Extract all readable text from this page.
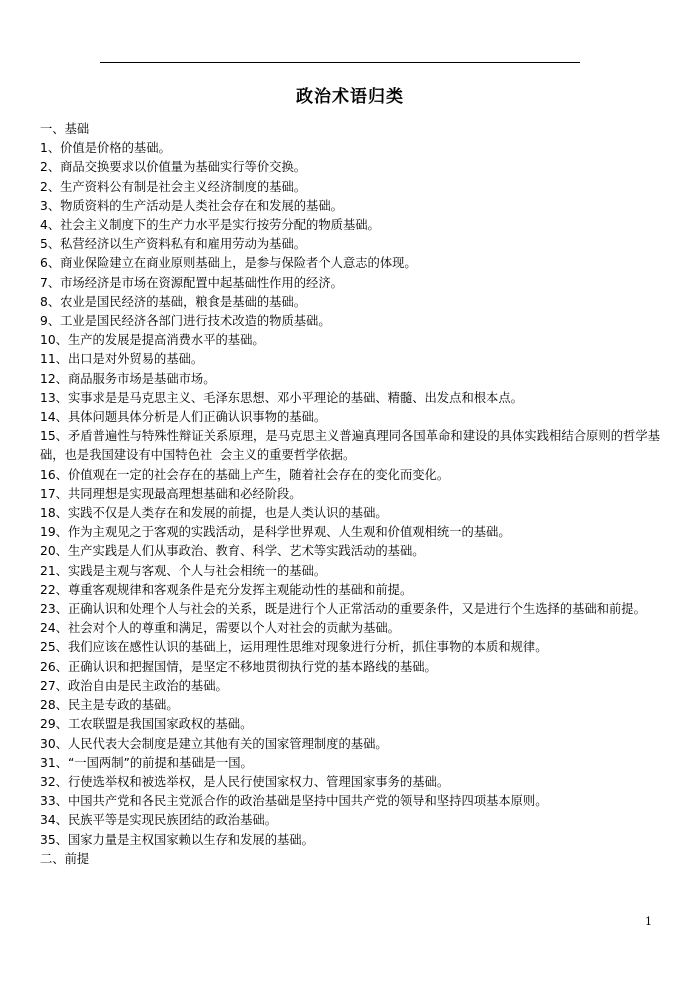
政治术语归类
一、基础
1、价值是价格的基础。
2、商品交换要求以价值量为基础实行等价交换。
2、生产资料公有制是社会主义经济制度的基础。
3、物质资料的生产活动是人类社会存在和发展的基础。
4、社会主义制度下的生产力水平是实行按劳分配的物质基础。
5、私营经济以生产资料私有和雇用劳动为基础。
6、商业保险建立在商业原则基础上，是参与保险者个人意志的体现。
7、市场经济是市场在资源配置中起基础性作用的经济。
8、农业是国民经济的基础，粮食是基础的基础。
9、工业是国民经济各部门进行技术改造的物质基础。
10、生产的发展是提高消费水平的基础。
11、出口是对外贸易的基础。
12、商品服务市场是基础市场。
13、实事求是是马克思主义、毛泽东思想、邓小平理论的基础、精髓、出发点和根本点。
14、具体问题具体分析是人们正确认识事物的基础。
15、矛盾普遍性与特殊性辩证关系原理，是马克思主义普遍真理同各国革命和建设的具体实践相结合原则的哲学基础，也是我国建设有中国特色社  会主义的重要哲学依据。
16、价值观在一定的社会存在的基础上产生，随着社会存在的变化而变化。
17、共同理想是实现最高理想基础和必经阶段。
18、实践不仅是人类存在和发展的前提，也是人类认识的基础。
19、作为主观见之于客观的实践活动，是科学世界观、人生观和价值观相统一的基础。
20、生产实践是人们从事政治、教育、科学、艺术等实践活动的基础。
21、实践是主观与客观、个人与社会相统一的基础。
22、尊重客观规律和客观条件是充分发挥主观能动性的基础和前提。
23、正确认识和处理个人与社会的关系，既是进行个人正常活动的重要条件，又是进行个生选择的基础和前提。
24、社会对个人的尊重和满足，需要以个人对社会的贡献为基础。
25、我们应该在感性认识的基础上，运用理性思维对现象进行分析，抓住事物的本质和规律。
26、正确认识和把握国情，是坚定不移地贯彻执行党的基本路线的基础。
27、政治自由是民主政治的基础。
28、民主是专政的基础。
29、工农联盟是我国国家政权的基础。
30、人民代表大会制度是建立其他有关的国家管理制度的基础。
31、“一国两制”的前提和基础是一国。
32、行使选举权和被选举权，是人民行使国家权力、管理国家事务的基础。
33、中国共产党和各民主党派合作的政治基础是坚持中国共产党的领导和坚持四项基本原则。
34、民族平等是实现民族团结的政治基础。
35、国家力量是主权国家赖以生存和发展的基础。
二、前提
1
